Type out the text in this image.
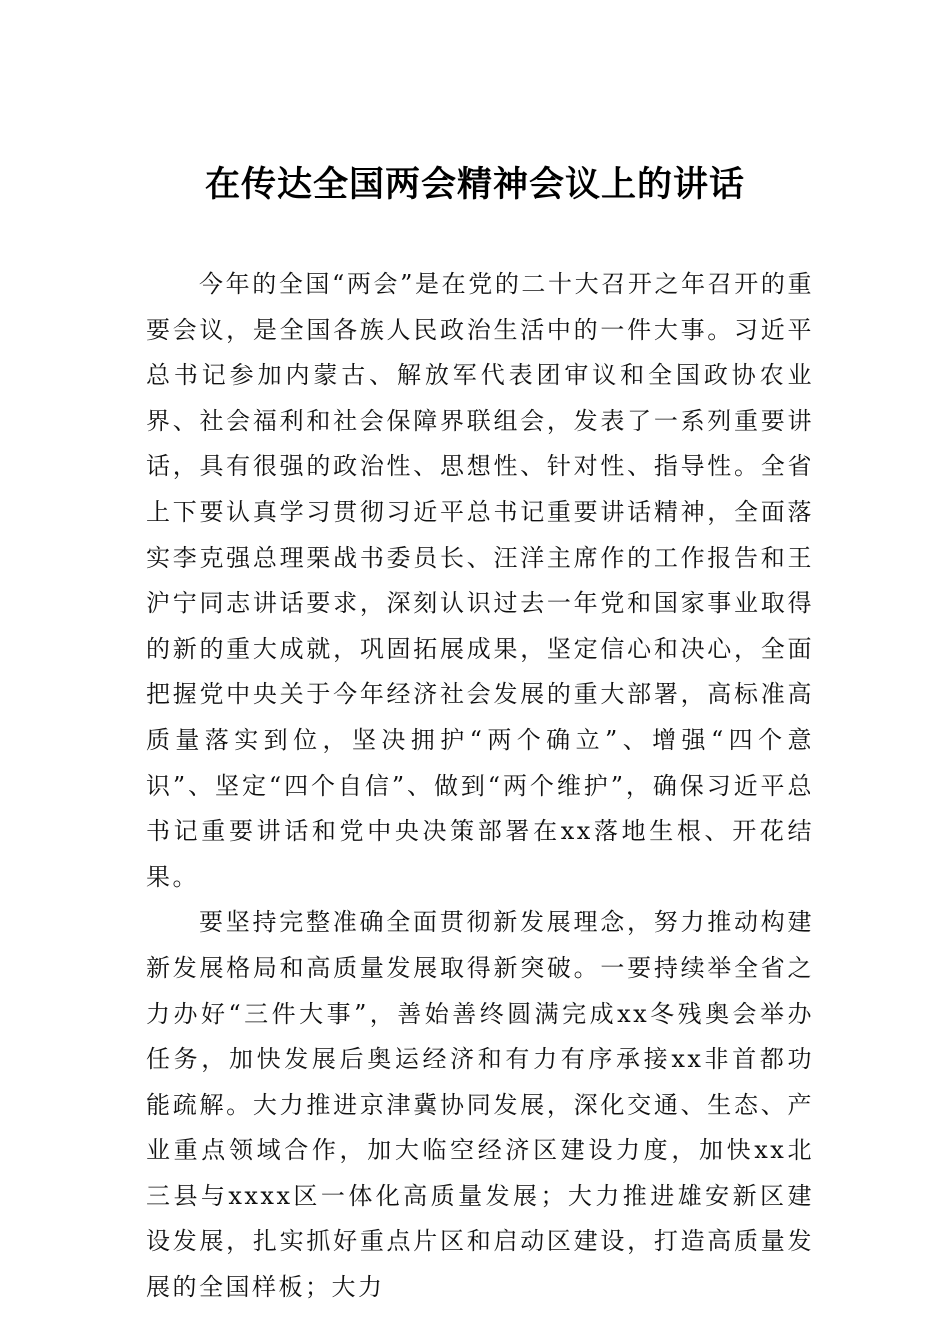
在传达全国两会精神会议上的讲话

今年的全国“两会”是在党的二十大召开之年召开的重要会议，是全国各族人民政治生活中的一件大事。习近平总书记参加内蒙古、解放军代表团审议和全国政协农业界、社会福利和社会保障界联组会，发表了一系列重要讲话，具有很强的政治性、思想性、针对性、指导性。全省上下要认真学习贯彻习近平总书记重要讲话精神，全面落实李克强总理栗战书委员长、汪洋主席作的工作报告和王沪宁同志讲话要求，深刻认识过去一年党和国家事业取得的新的重大成就，巩固拓展成果，坚定信心和决心，全面把握党中央关于今年经济社会发展的重大部署，高标准高质量落实到位，坚决拥护“两个确立”、增强“四个意识”、坚定“四个自信”、做到“两个维护”，确保习近平总书记重要讲话和党中央决策部署在xx落地生根、开花结果。

要坚持完整准确全面贯彻新发展理念，努力推动构建新发展格局和高质量发展取得新突破。一要持续举全省之力办好“三件大事”，善始善终圆满完成xx冬残奥会举办任务，加快发展后奥运经济和有力有序承接xx非首都功能疏解。大力推进京津冀协同发展，深化交通、生态、产业重点领域合作，加大临空经济区建设力度，加快xx北三县与xxxx区一体化高质量发展；大力推进雄安新区建设发展，扎实抓好重点片区和启动区建设，打造高质量发展的全国样板；大力
